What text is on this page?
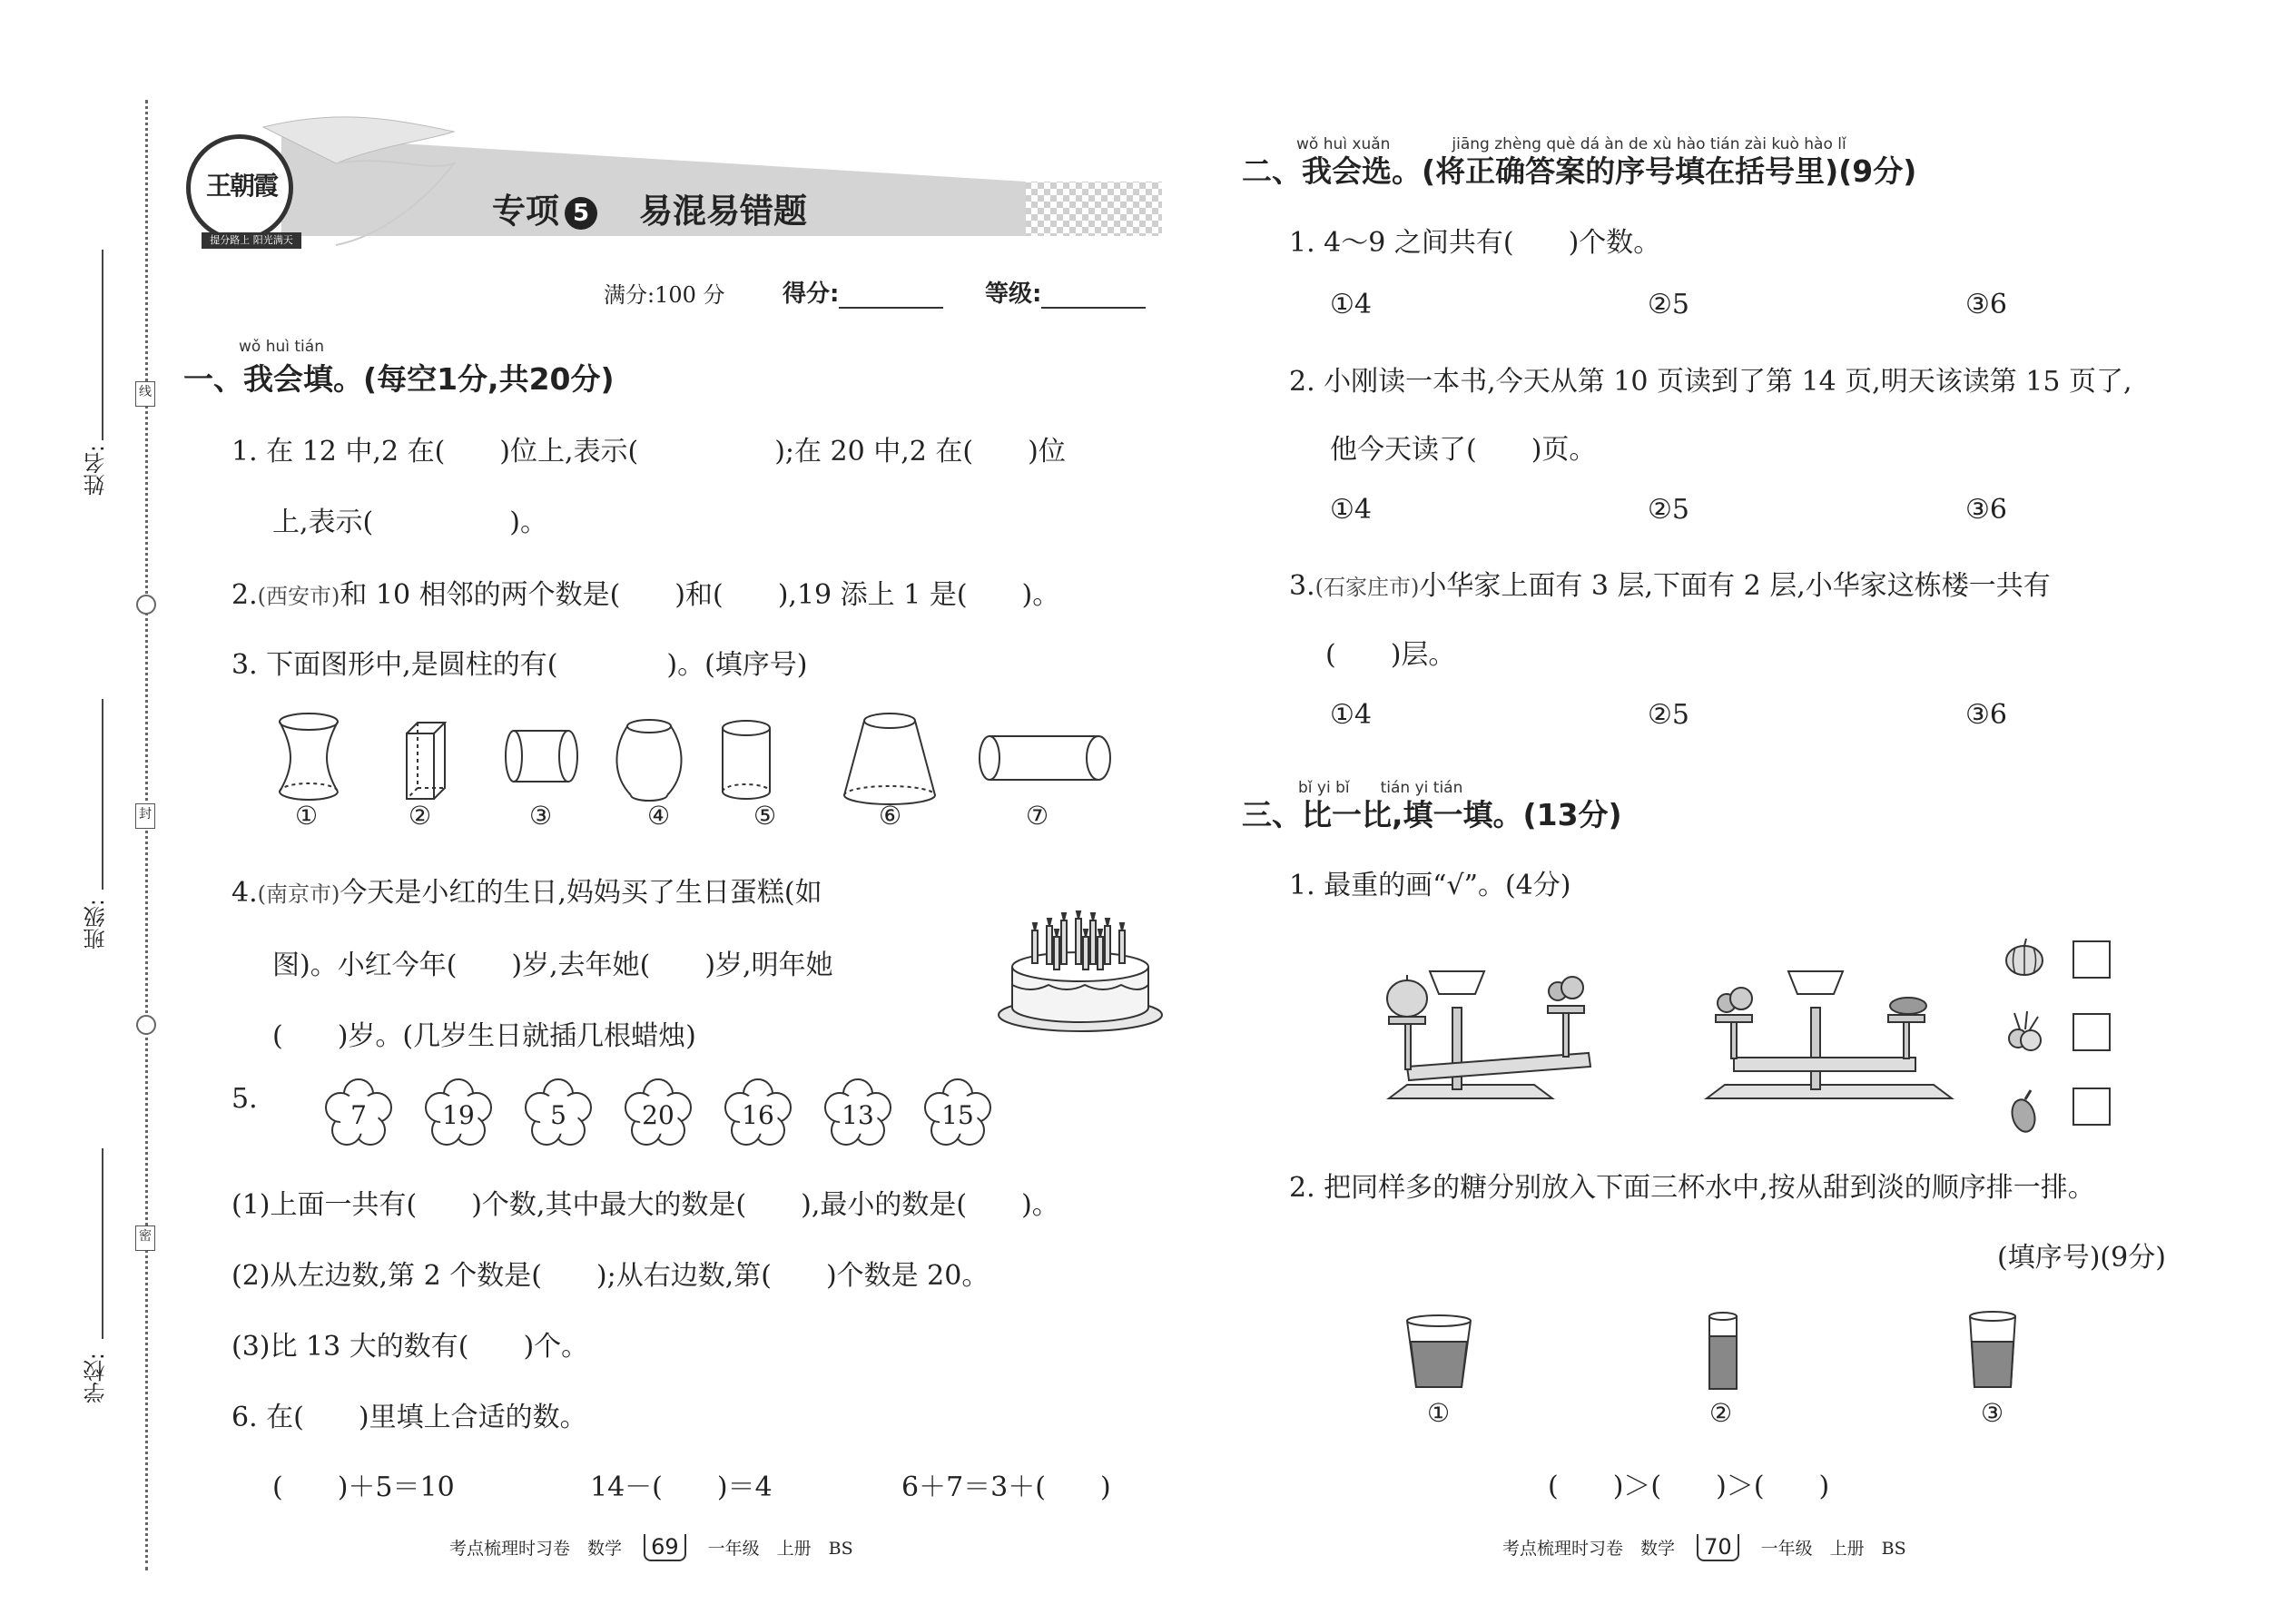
姓名:
班级:
学校:
线
封
密
王朝霞
提分路上 阳光满天
专项 5 易混易错题
满分:100 分 得分:	等级:
wǒ huì tián
一、我会填。(每空1分,共20分)
1. 在 12 中,2 在(　　)位上,表示(　　　　　);在 20 中,2 在(　　)位
上,表示(　　　　　)。
2.(西安市)和 10 相邻的两个数是(　　)和(　　),19 添上 1 是(　　)。
3. 下面图形中,是圆柱的有(　　　　)。(填序号)
①	②	③	④	⑤	⑥	⑦
4.(南京市)今天是小红的生日,妈妈买了生日蛋糕(如
图)。小红今年(　　)岁,去年她(　　)岁,明年她
(　　)岁。(几岁生日就插几根蜡烛)
5.
7	19	5	20	16	13	15
(1)上面一共有(　　)个数,其中最大的数是(　　),最小的数是(　　)。
(2)从左边数,第 2 个数是(　　);从右边数,第(　　)个数是 20。
(3)比 13 大的数有(　　)个。
6. 在(　　)里填上合适的数。
(　　)＋5＝10	14－(　　)＝4	6＋7＝3＋(　　)
考点梳理时习卷　数学 69 一年级　上册　BS
wǒ huì xuǎn　　　　jiāng zhèng què dá àn de xù hào tián zài kuò hào lǐ
二、我会选。(将正确答案的序号填在括号里)(9分)
1. 4～9 之间共有(　　)个数。
①4	②5	③6
2. 小刚读一本书,今天从第 10 页读到了第 14 页,明天该读第 15 页了,
他今天读了(　　)页。
①4	②5	③6
3.(石家庄市)小华家上面有 3 层,下面有 2 层,小华家这栋楼一共有
(　　)层。
①4	②5	③6
bǐ yi bǐ　　tián yi tián
三、比一比,填一填。(13分)
1. 最重的画“√”。(4分)
2. 把同样多的糖分别放入下面三杯水中,按从甜到淡的顺序排一排。
(填序号)(9分)
①	②	③
(　　)＞(　　)＞(　　)
考点梳理时习卷　数学 70 一年级　上册　BS
